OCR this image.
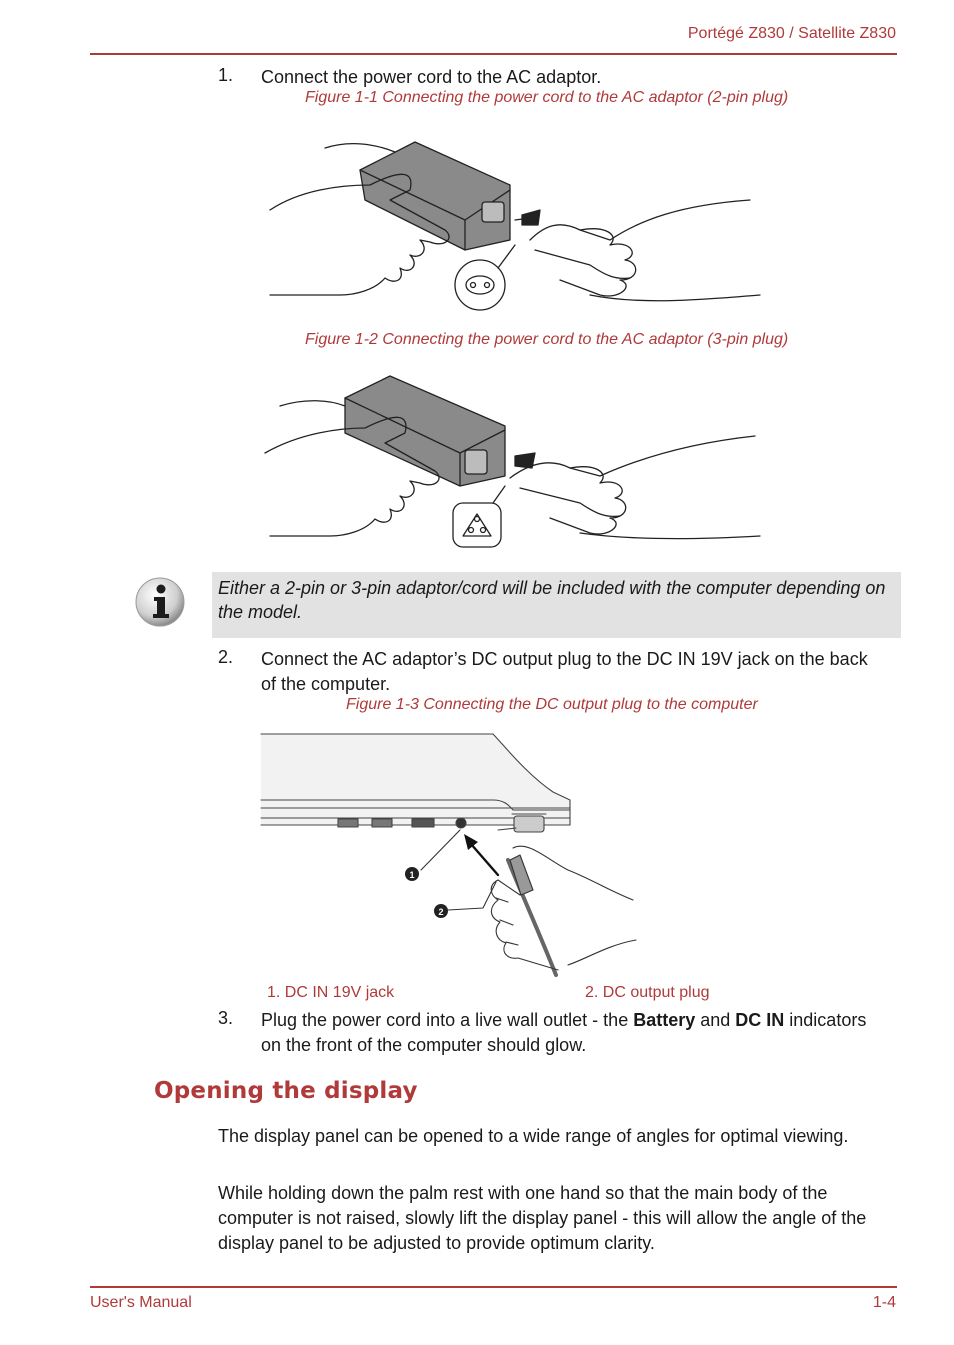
Portégé Z830 / Satellite Z830
1. Connect the power cord to the AC adaptor.
Figure 1-1 Connecting the power cord to the AC adaptor (2-pin plug)
Figure 1-2 Connecting the power cord to the AC adaptor (3-pin plug)
Either a 2-pin or 3-pin adaptor/cord will be included with the computer depending on the model.
2. Connect the AC adaptor’s DC output plug to the DC IN 19V jack on the back of the computer.
Figure 1-3 Connecting the DC output plug to the computer
1
2
1. DC IN 19V jack	2. DC output plug
3. Plug the power cord into a live wall outlet - the Battery and DC IN indicators on the front of the computer should glow.
Opening the display
The display panel can be opened to a wide range of angles for optimal viewing.
While holding down the palm rest with one hand so that the main body of the computer is not raised, slowly lift the display panel - this will allow the angle of the display panel to be adjusted to provide optimum clarity.
User's Manual	1-4
